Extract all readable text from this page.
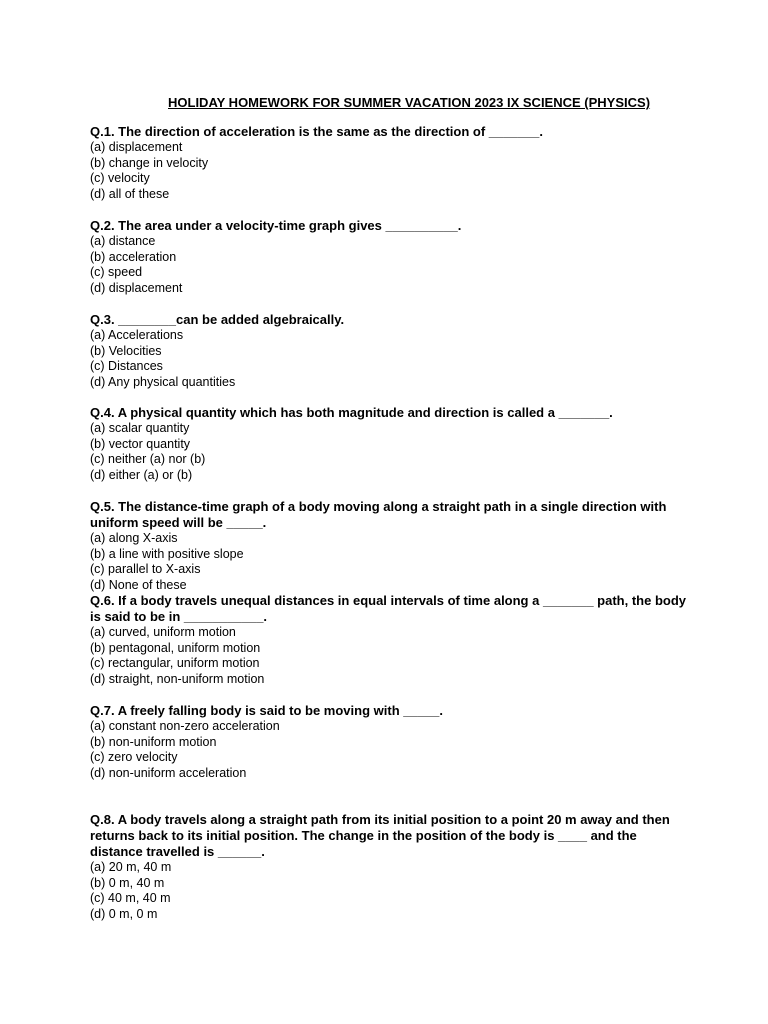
HOLIDAY HOMEWORK FOR SUMMER VACATION 2023 IX SCIENCE (PHYSICS)
Q.1. The direction of acceleration is the same as the direction of _______.
(a) displacement
(b) change in velocity
(c) velocity
(d) all of these
Q.2. The area under a velocity-time graph gives __________.
(a) distance
(b) acceleration
(c) speed
(d) displacement
Q.3. ________can be added algebraically.
(a) Accelerations
(b) Velocities
(c) Distances
(d) Any physical quantities
Q.4. A physical quantity which has both magnitude and direction is called a _______.
(a) scalar quantity
(b) vector quantity
(c) neither (a) nor (b)
(d) either (a) or (b)
Q.5. The distance-time graph of a body moving along a straight path in a single direction with uniform speed will be _____.
(a) along X-axis
(b) a line with positive slope
(c) parallel to X-axis
(d) None of these
Q.6. If a body travels unequal distances in equal intervals of time along a _______ path, the body is said to be in ___________.
(a) curved, uniform motion
(b) pentagonal, uniform motion
(c) rectangular, uniform motion
(d) straight, non-uniform motion
Q.7. A freely falling body is said to be moving with _____.
(a) constant non-zero acceleration
(b) non-uniform motion
(c) zero velocity
(d) non-uniform acceleration
Q.8. A body travels along a straight path from its initial position to a point 20 m away and then returns back to its initial position. The change in the position of the body is ____ and the distance travelled is ______.
(a) 20 m, 40 m
(b) 0 m, 40 m
(c) 40 m, 40 m
(d) 0 m, 0 m
